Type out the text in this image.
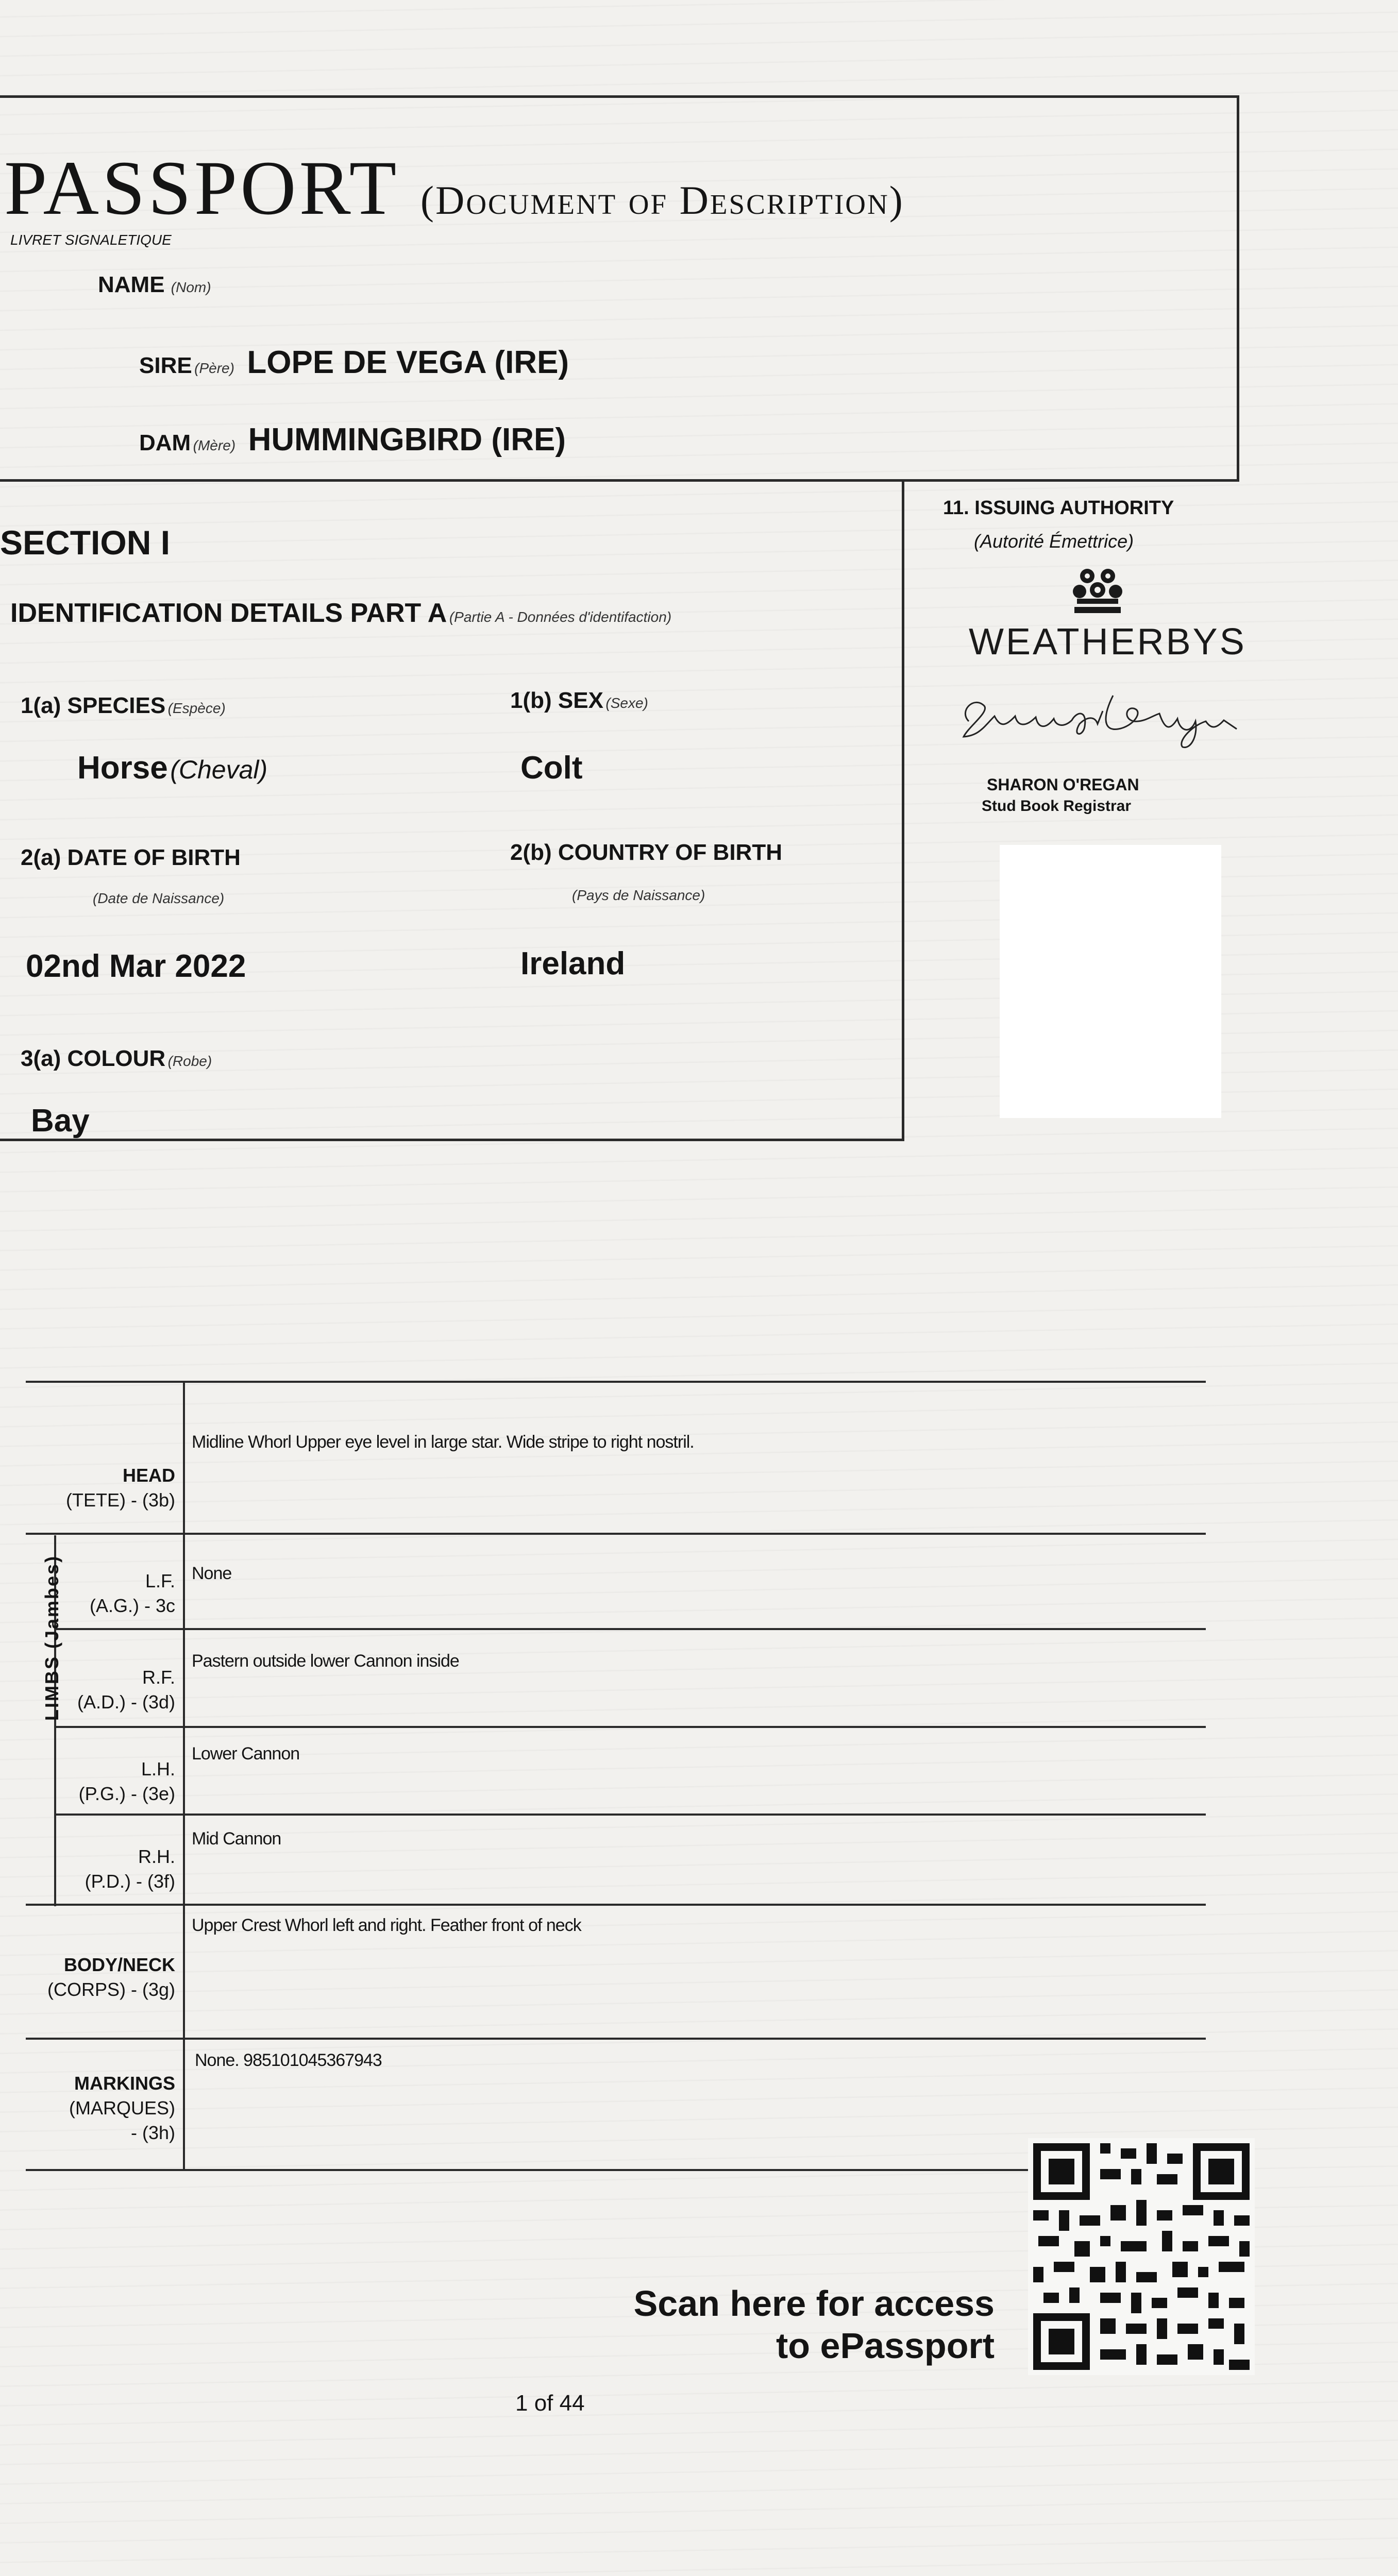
PASSPORT (Document of Description)
LIVRET SIGNALETIQUE
NAME (Nom)
SIRE (Père) LOPE DE VEGA (IRE)
DAM (Mère) HUMMINGBIRD (IRE)
SECTION I
IDENTIFICATION DETAILS PART A (Partie A - Données d'identifaction)
1(a) SPECIES (Espèce)
Horse (Cheval)
1(b) SEX (Sexe)
Colt
2(a) DATE OF BIRTH
(Date de Naissance)
02nd Mar 2022
2(b) COUNTRY OF BIRTH
(Pays de Naissance)
Ireland
3(a) COLOUR (Robe)
Bay
11. ISSUING AUTHORITY
(Autorité Émettrice)
WEATHERBYS
SHARON O'REGAN
Stud Book Registrar
HEAD
(TETE) - (3b)
Midline Whorl Upper eye level in large star. Wide stripe to right nostril.
LIMBS (Jambes)	L.F.
(A.G.) - 3c
None
R.F.
(A.D.) - (3d)
Pastern outside lower Cannon inside
L.H.
(P.G.) - (3e)
Lower Cannon
R.H.
(P.D.) - (3f)
Mid Cannon
BODY/NECK
(CORPS) - (3g)
Upper Crest Whorl left and right. Feather front of neck
MARKINGS
(MARQUES)
- (3h)
None. 985101045367943
Scan here for access
to ePassport
1 of 44
